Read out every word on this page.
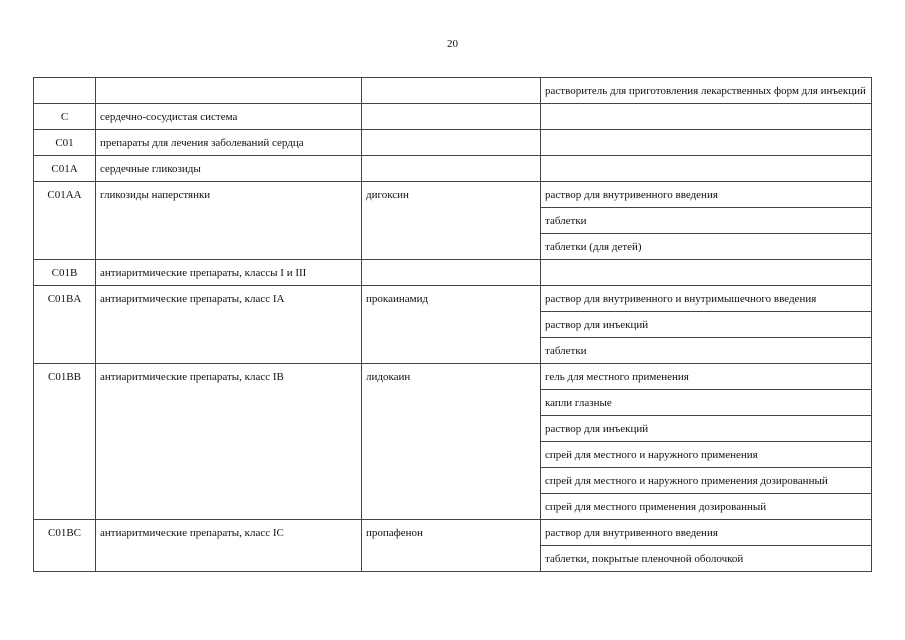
20
			растворитель для приготовления лекарственных форм для инъекций
C	сердечно-сосудистая система		
C01	препараты для лечения заболеваний сердца		
C01A	сердечные гликозиды		
C01AA	гликозиды наперстянки	дигоксин	раствор для внутривенного введения
			таблетки
			таблетки (для детей)
C01B	антиаритмические препараты, классы I и III		
C01BA	антиаритмические препараты, класс IA	прокаинамид	раствор для внутривенного и внутримышечного введения
			раствор для инъекций
			таблетки
C01BB	антиаритмические препараты, класс IB	лидокаин	гель для местного применения
			капли глазные
			раствор для инъекций
			спрей для местного и наружного применения
			спрей для местного и наружного применения дозированный
			спрей для местного применения дозированный
C01BC	антиаритмические препараты, класс IC	пропафенон	раствор для внутривенного введения
			таблетки, покрытые пленочной оболочкой
